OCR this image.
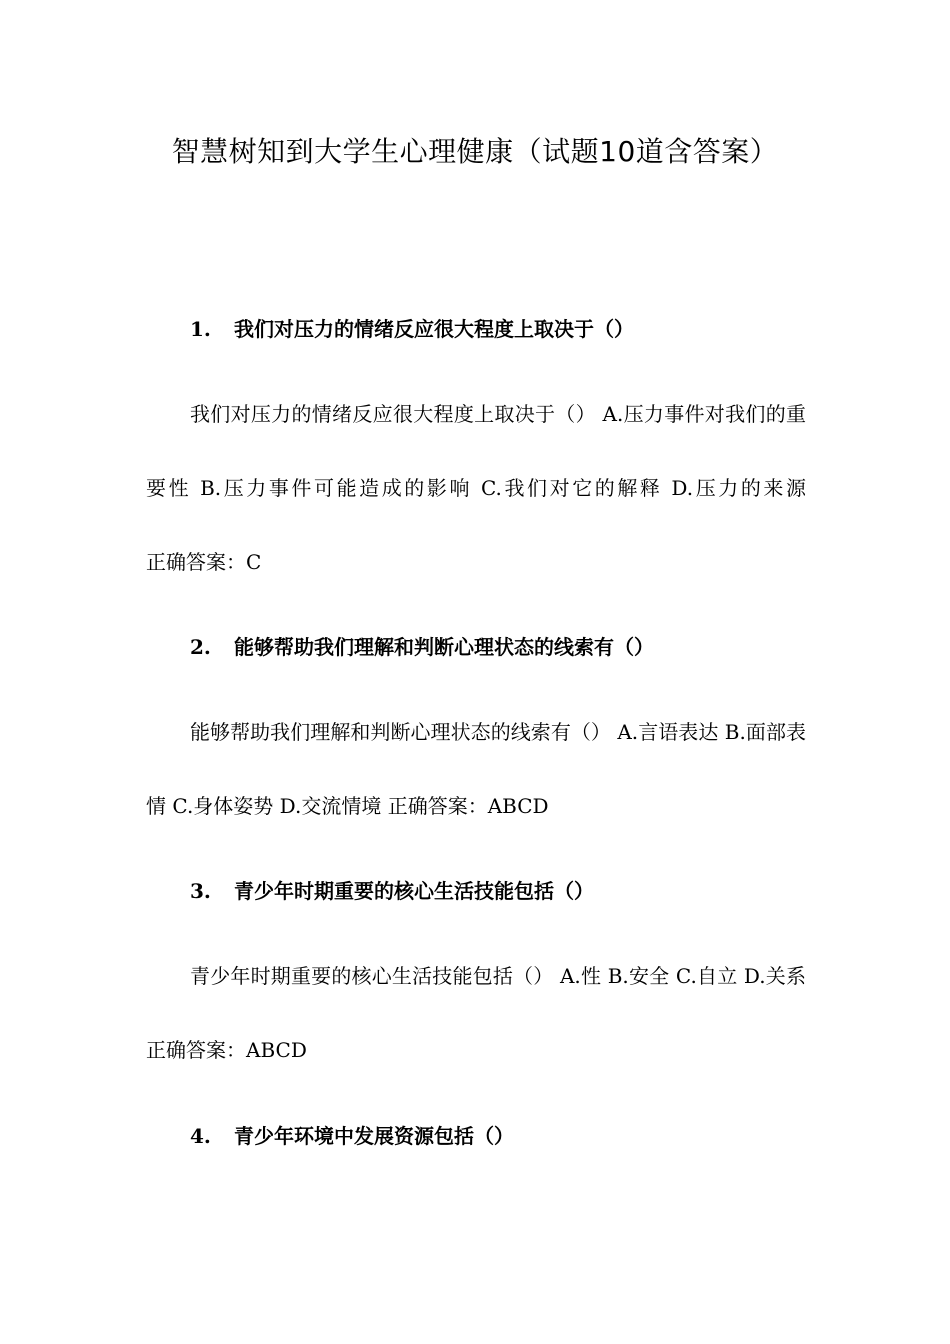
智慧树知到大学生心理健康（试题10道含答案）
1. 我们对压力的情绪反应很大程度上取决于（）

我们对压力的情绪反应很大程度上取决于（） A.压力事件对我们的重要性 B.压力事件可能造成的影响 C.我们对它的解释 D.压力的来源 正确答案：C

2. 能够帮助我们理解和判断心理状态的线索有（）

能够帮助我们理解和判断心理状态的线索有（） A.言语表达 B.面部表情 C.身体姿势 D.交流情境 正确答案：ABCD

3. 青少年时期重要的核心生活技能包括（）

青少年时期重要的核心生活技能包括（） A.性 B.安全 C.自立 D.关系 正确答案：ABCD

4. 青少年环境中发展资源包括（）
